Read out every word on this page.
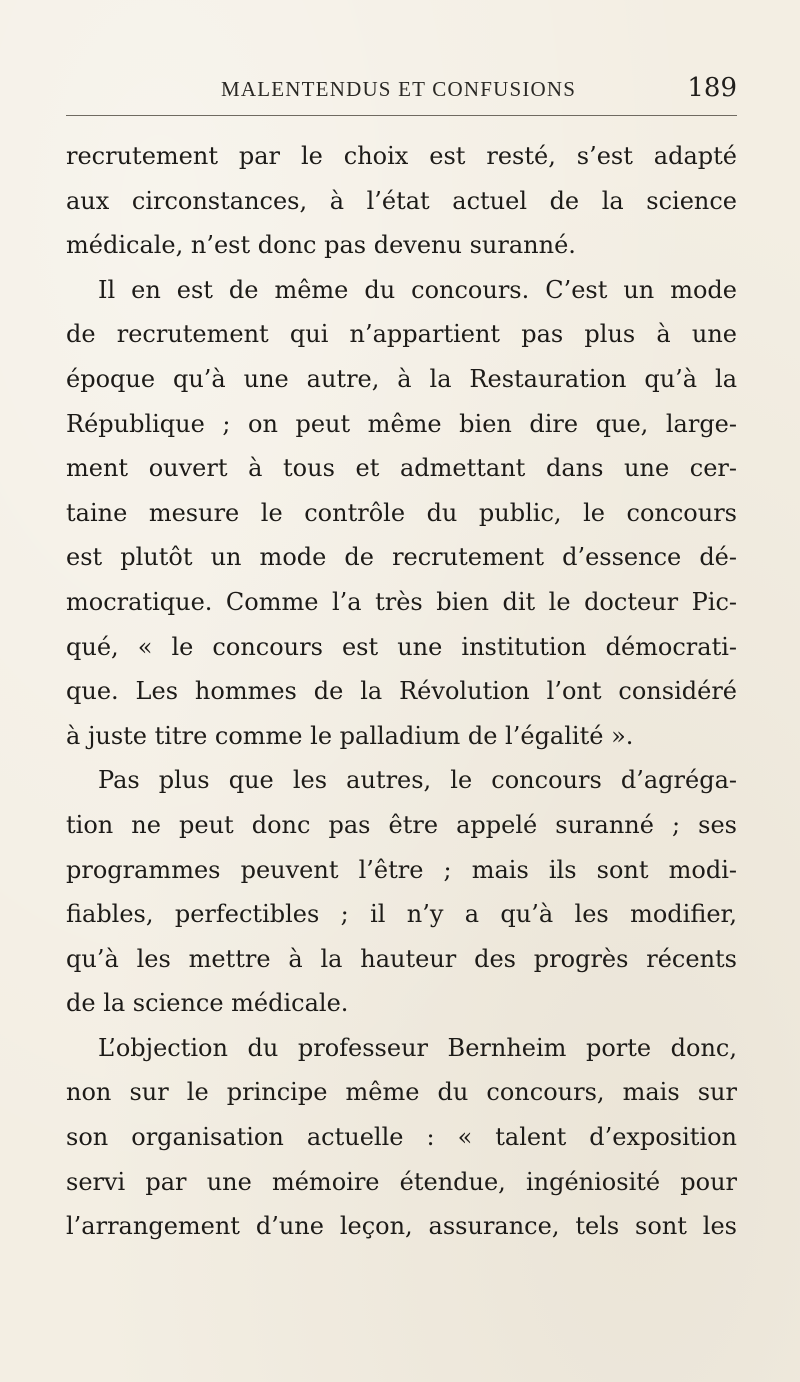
MALENTENDUS ET CONFUSIONS	189
recrutement par le choix est resté, s’est adapté
aux circonstances, à l’état actuel de la science
médicale, n’est donc pas devenu suranné.
Il en est de même du concours. C’est un mode
de recrutement qui n’appartient pas plus à une
époque qu’à une autre, à la Restauration qu’à la
République ; on peut même bien dire que, large-
ment ouvert à tous et admettant dans une cer-
taine mesure le contrôle du public, le concours
est plutôt un mode de recrutement d’essence dé-
mocratique. Comme l’a très bien dit le docteur Pic-
qué, « le concours est une institution démocrati-
que. Les hommes de la Révolution l’ont considéré
à juste titre comme le palladium de l’égalité ».
Pas plus que les autres, le concours d’agréga-
tion ne peut donc pas être appelé suranné ; ses
programmes peuvent l’être ; mais ils sont modi-
fiables, perfectibles ; il n’y a qu’à les modifier,
qu’à les mettre à la hauteur des progrès récents
de la science médicale.
L’objection du professeur Bernheim porte donc,
non sur le principe même du concours, mais sur
son organisation actuelle : « talent d’exposition
servi par une mémoire étendue, ingéniosité pour
l’arrangement d’une leçon, assurance, tels sont les
